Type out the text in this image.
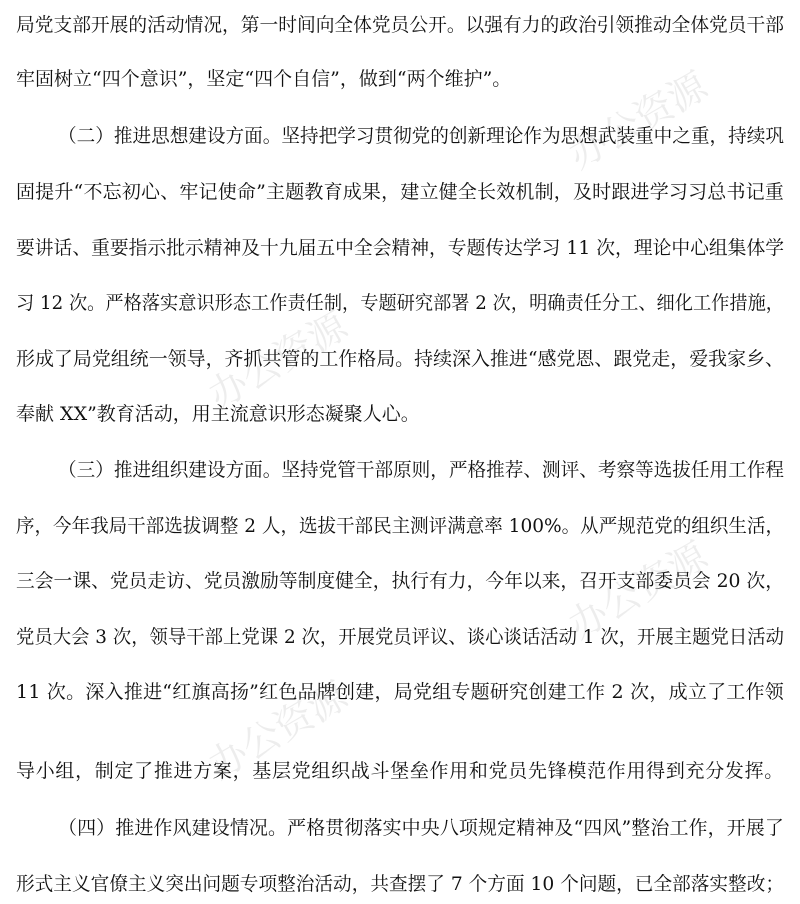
办公资源
办公资源
办公资源
办公资源
局党支部开展的活动情况，第一时间向全体党员公开。以强有力的政治引领推动全体党员干部
牢固树立“四个意识”，坚定“四个自信”，做到“两个维护”。
（二）推进思想建设方面。坚持把学习贯彻党的创新理论作为思想武装重中之重，持续巩
固提升“不忘初心、牢记使命”主题教育成果，建立健全长效机制，及时跟进学习习总书记重
要讲话、重要指示批示精神及十九届五中全会精神，专题传达学习 11 次，理论中心组集体学
习 12 次。严格落实意识形态工作责任制，专题研究部署 2 次，明确责任分工、细化工作措施，
形成了局党组统一领导，齐抓共管的工作格局。持续深入推进“感党恩、跟党走，爱我家乡、
奉献 XX”教育活动，用主流意识形态凝聚人心。
（三）推进组织建设方面。坚持党管干部原则，严格推荐、测评、考察等选拔任用工作程
序，今年我局干部选拔调整 2 人，选拔干部民主测评满意率 100%。从严规范党的组织生活，
三会一课、党员走访、党员激励等制度健全，执行有力，今年以来，召开支部委员会 20 次，
党员大会 3 次，领导干部上党课 2 次，开展党员评议、谈心谈话活动 1 次，开展主题党日活动
11 次。深入推进“红旗高扬”红色品牌创建，局党组专题研究创建工作 2 次，成立了工作领
导小组，制定了推进方案，基层党组织战斗堡垒作用和党员先锋模范作用得到充分发挥。
（四）推进作风建设情况。严格贯彻落实中央八项规定精神及“四风”整治工作，开展了
形式主义官僚主义突出问题专项整治活动，共查摆了 7 个方面 10 个问题，已全部落实整改；
